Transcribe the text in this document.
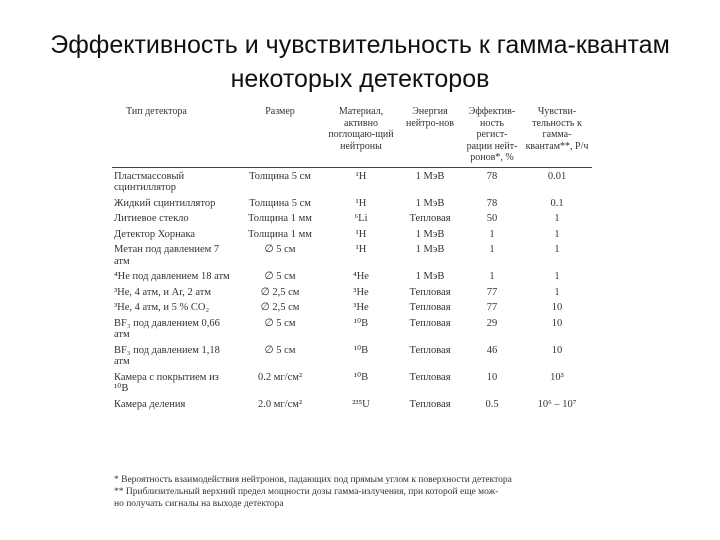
Эффективность и чувствительность к гамма-квантам
некоторых детекторов
Тип детектора	Размер	Материал, активно поглощаю-щий нейтроны	Энергия нейтро-нов	Эффектив-ность регист-рации нейт-ронов*, %	Чувстви-тельность к гамма-квантам**, Р/ч
Пластмассовый сцинтиллятор	Толщина 5 см	¹H	1 МэВ	78	0.01
Жидкий сцинтиллятор	Толщина 5 см	¹H	1 МэВ	78	0.1
Литиевое стекло	Толщина 1 мм	⁶Li	Тепловая	50	1
Детектор Хорнака	Толщина 1 мм	¹H	1 МэВ	1	1
Метан под давлением 7 атм	∅ 5 см	¹H	1 МэВ	1	1
⁴Не под давлением 18 атм	∅ 5 см	⁴Не	1 МэВ	1	1
³Не, 4 атм, и Ar, 2 атм	∅ 2,5 см	³Не	Тепловая	77	1
³Не, 4 атм, и 5 % CO₂	∅ 2,5 см	³Не	Тепловая	77	10
BF₃ под давлением 0,66 атм	∅ 5 см	¹⁰B	Тепловая	29	10
BF₃ под давлением 1,18 атм	∅ 5 см	¹⁰B	Тепловая	46	10
Камера с покрытием из ¹⁰B	0.2 мг/см²	¹⁰B	Тепловая	10	10³
Камера деления	2.0 мг/см²	²³⁵U	Тепловая	0.5	10⁶ – 10⁷
* Вероятность взаимодействия нейтронов, падающих под прямым углом к поверхности детектора
** Приблизительный верхний предел мощности дозы гамма-излучения, при которой еще мож-
но получать сигналы на выходе детектора
